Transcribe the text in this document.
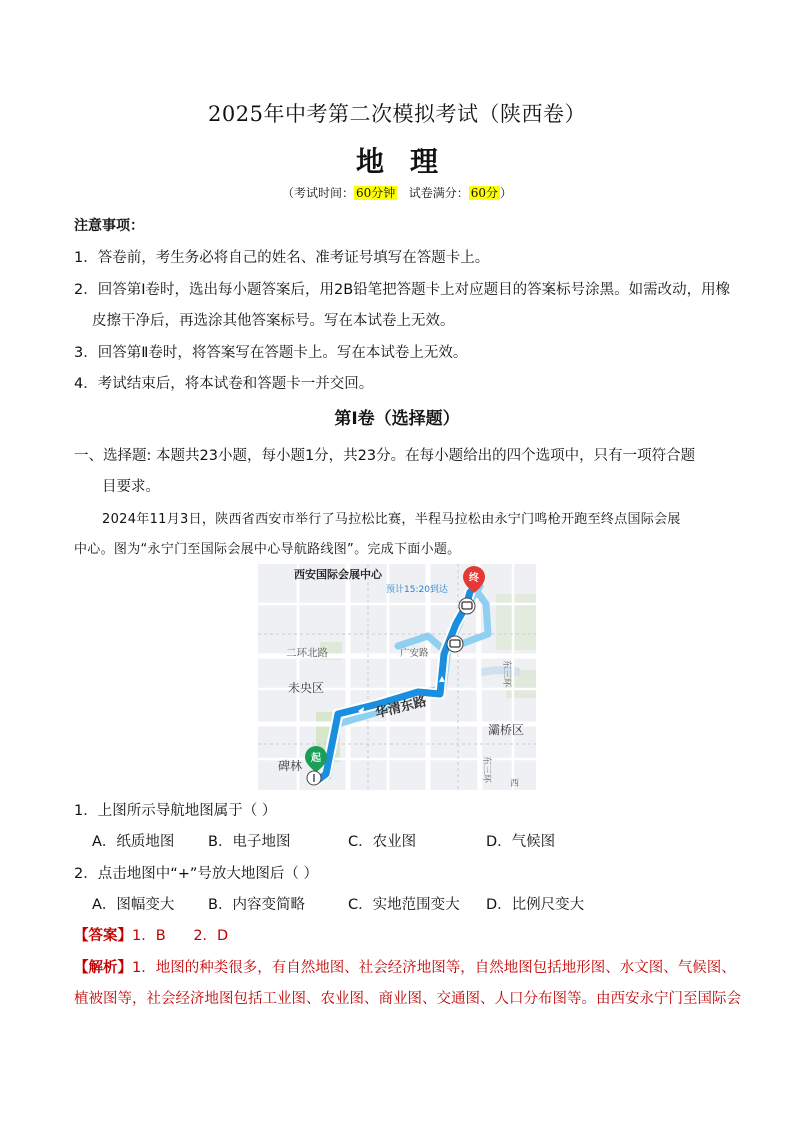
2025年中考第二次模拟考试（陕西卷）
地理
（考试时间： 60分钟 试卷满分： 60分 ）
注意事项：
1．答卷前，考生务必将自己的姓名、准考证号填写在答题卡上。
2．回答第Ⅰ卷时，选出每小题答案后，用2B铅笔把答题卡上对应题目的答案标号涂黑。如需改动，用橡
皮擦干净后，再选涂其他答案标号。写在本试卷上无效。
3．回答第Ⅱ卷时，将答案写在答题卡上。写在本试卷上无效。
4．考试结束后，将本试卷和答题卡一并交回。
第Ⅰ卷（选择题）
一、选择题: 本题共23小题，每小题1分，共23分。在每小题给出的四个选项中，只有一项符合题
目要求。
2024年11月3日，陕西省西安市举行了马拉松比赛，半程马拉松由永宁门鸣枪开跑至终点国际会展
中心。图为“永宁门至国际会展中心导航路线图”。完成下面小题。
西安国际会展中心
预计15:20到达
终
起
二环北路
未央区
广安路
华清东路
灞桥区
碑林
东三环
东三环
西
1．上图所示导航地图属于（ ）
A．纸质地图 B．电子地图	C．农业图	D．气候图
2．点击地图中“+”号放大地图后（ ）
A．图幅变大 B．内容变简略	C．实地范围变大 D．比例尺变大
【答案】1．B      2．D
【解析】1．地图的种类很多，有自然地图、社会经济地图等，自然地图包括地形图、水文图、气候图、
植被图等，社会经济地图包括工业图、农业图、商业图、交通图、人口分布图等。由西安永宁门至国际会
